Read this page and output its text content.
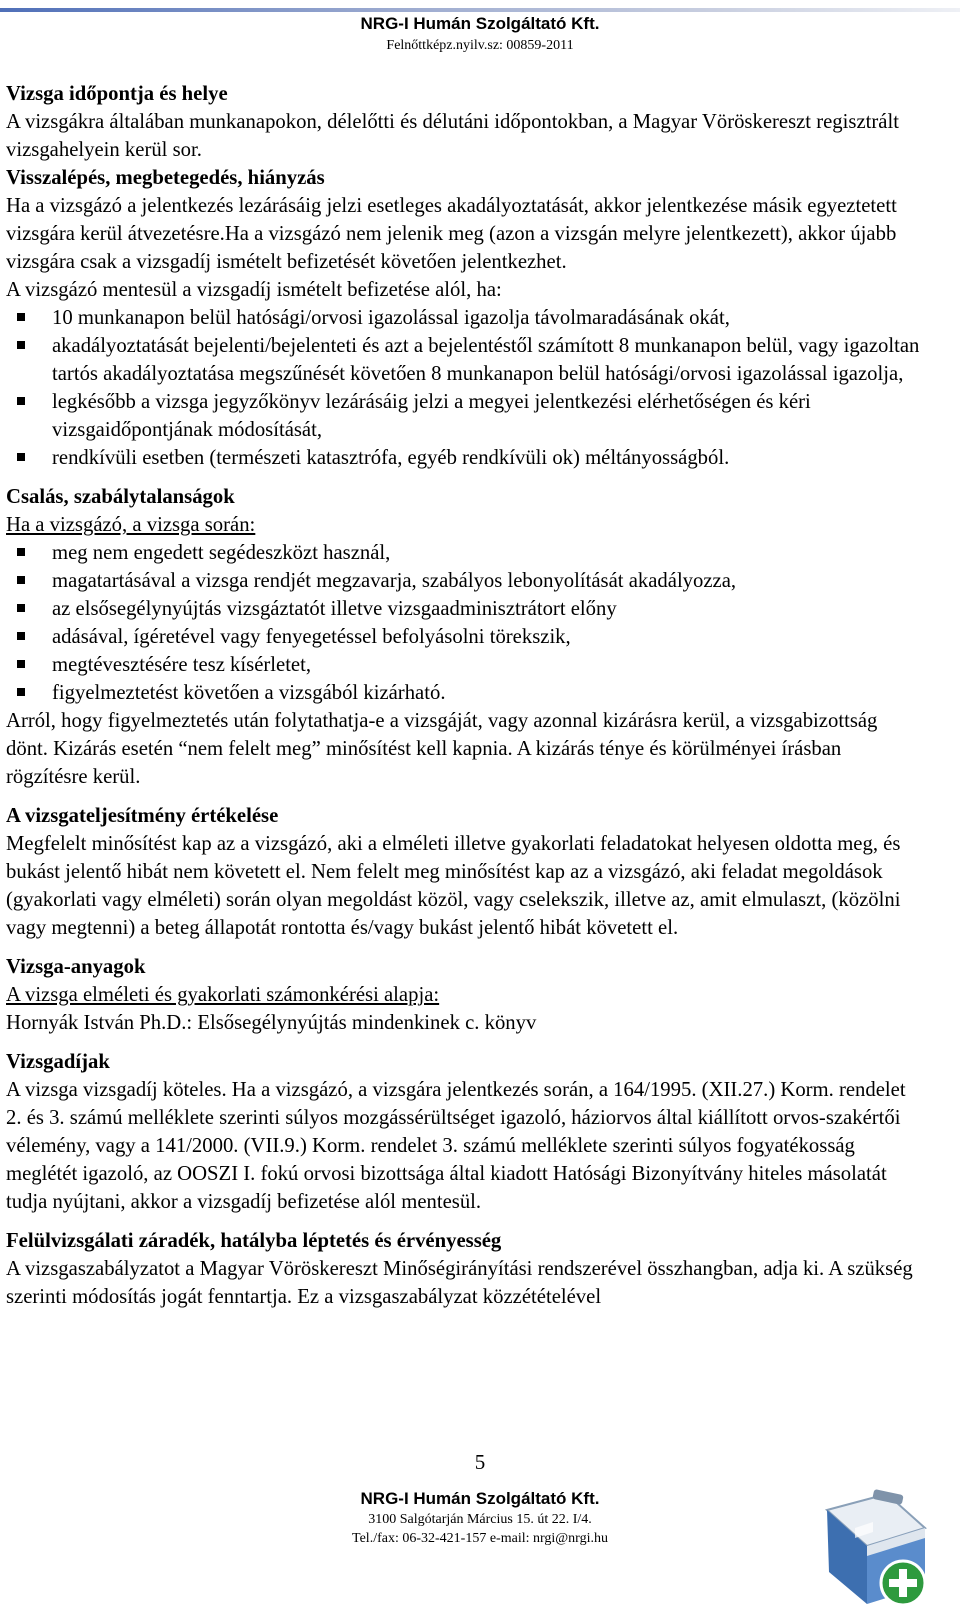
NRG-I Humán Szolgáltató Kft.
Felnőttképz.nyilv.sz: 00859-2011
Vizsga időpontja és helye

A vizsgákra általában munkanapokon, délelőtti és délutáni időpontokban, a Magyar Vöröskereszt regisztrált vizsgahelyein kerül sor.

Visszalépés, megbetegedés, hiányzás

Ha a vizsgázó a jelentkezés lezárásáig jelzi esetleges akadályoztatását, akkor jelentkezése másik egyeztetett vizsgára kerül átvezetésre.Ha a vizsgázó nem jelenik meg (azon a vizsgán melyre jelentkezett), akkor újabb vizsgára csak a vizsgadíj ismételt befizetését követően jelentkezhet.

A vizsgázó mentesül a vizsgadíj ismételt befizetése alól, ha:

10 munkanapon belül hatósági/orvosi igazolással igazolja távolmaradásának okát,
akadályoztatását bejelenti/bejelenteti és azt a bejelentéstől számított 8 munkanapon belül, vagy igazoltan tartós akadályoztatása megszűnését követően 8 munkanapon belül hatósági/orvosi igazolással igazolja,
legkésőbb a vizsga jegyzőkönyv lezárásáig jelzi a megyei jelentkezési elérhetőségen és kéri vizsgaidőpontjának módosítását,
rendkívüli esetben (természeti katasztrófa, egyéb rendkívüli ok) méltányosságból.
Csalás, szabálytalanságok

Ha a vizsgázó, a vizsga során:

meg nem engedett segédeszközt használ,
magatartásával a vizsga rendjét megzavarja, szabályos lebonyolítását akadályozza,
az elsősegélynyújtás vizsgáztatót illetve vizsgaadminisztrátort előny
adásával, ígéretével vagy fenyegetéssel befolyásolni törekszik,
megtévesztésére tesz kísérletet,
figyelmeztetést követően a vizsgából kizárható.

Arról, hogy figyelmeztetés után folytathatja-e a vizsgáját, vagy azonnal kizárásra kerül, a vizsgabizottság dönt. Kizárás esetén “nem felelt meg” minősítést kell kapnia. A kizárás ténye és körülményei írásban rögzítésre kerül.

A vizsgateljesítmény értékelése

Megfelelt minősítést kap az a vizsgázó, aki a elméleti illetve gyakorlati feladatokat helyesen oldotta meg, és bukást jelentő hibát nem követett el. Nem felelt meg minősítést kap az a vizsgázó, aki feladat megoldások (gyakorlati vagy elméleti) során olyan megoldást közöl, vagy cselekszik, illetve az, amit elmulaszt, (közölni vagy megtenni) a beteg állapotát rontotta és/vagy bukást jelentő hibát követett el.

Vizsga-anyagok

A vizsga elméleti és gyakorlati számonkérési alapja:

Hornyák István Ph.D.: Elsősegélynyújtás mindenkinek c. könyv

Vizsgadíjak

A vizsga vizsgadíj köteles. Ha a vizsgázó, a vizsgára jelentkezés során, a 164/1995. (XII.27.) Korm. rendelet 2. és 3. számú melléklete szerinti súlyos mozgássérültséget igazoló, háziorvos által kiállított orvos-szakértői vélemény, vagy a 141/2000. (VII.9.) Korm. rendelet 3. számú melléklete szerinti súlyos fogyatékosság meglétét igazoló, az OOSZI I. fokú orvosi bizottsága által kiadott Hatósági Bizonyítvány hiteles másolatát tudja nyújtani, akkor a vizsgadíj befizetése alól mentesül.

Felülvizsgálati záradék, hatályba léptetés és érvényesség

A vizsgaszabályzatot a Magyar Vöröskereszt Minőségirányítási rendszerével összhangban, adja ki. A szükség szerinti módosítás jogát fenntartja. Ez a vizsgaszabályzat közzétételével

5
NRG-I Humán Szolgáltató Kft.
3100 Salgótarján Március 15. út 22. I/4.
Tel./fax: 06-32-421-157 e-mail: nrgi@nrgi.hu
